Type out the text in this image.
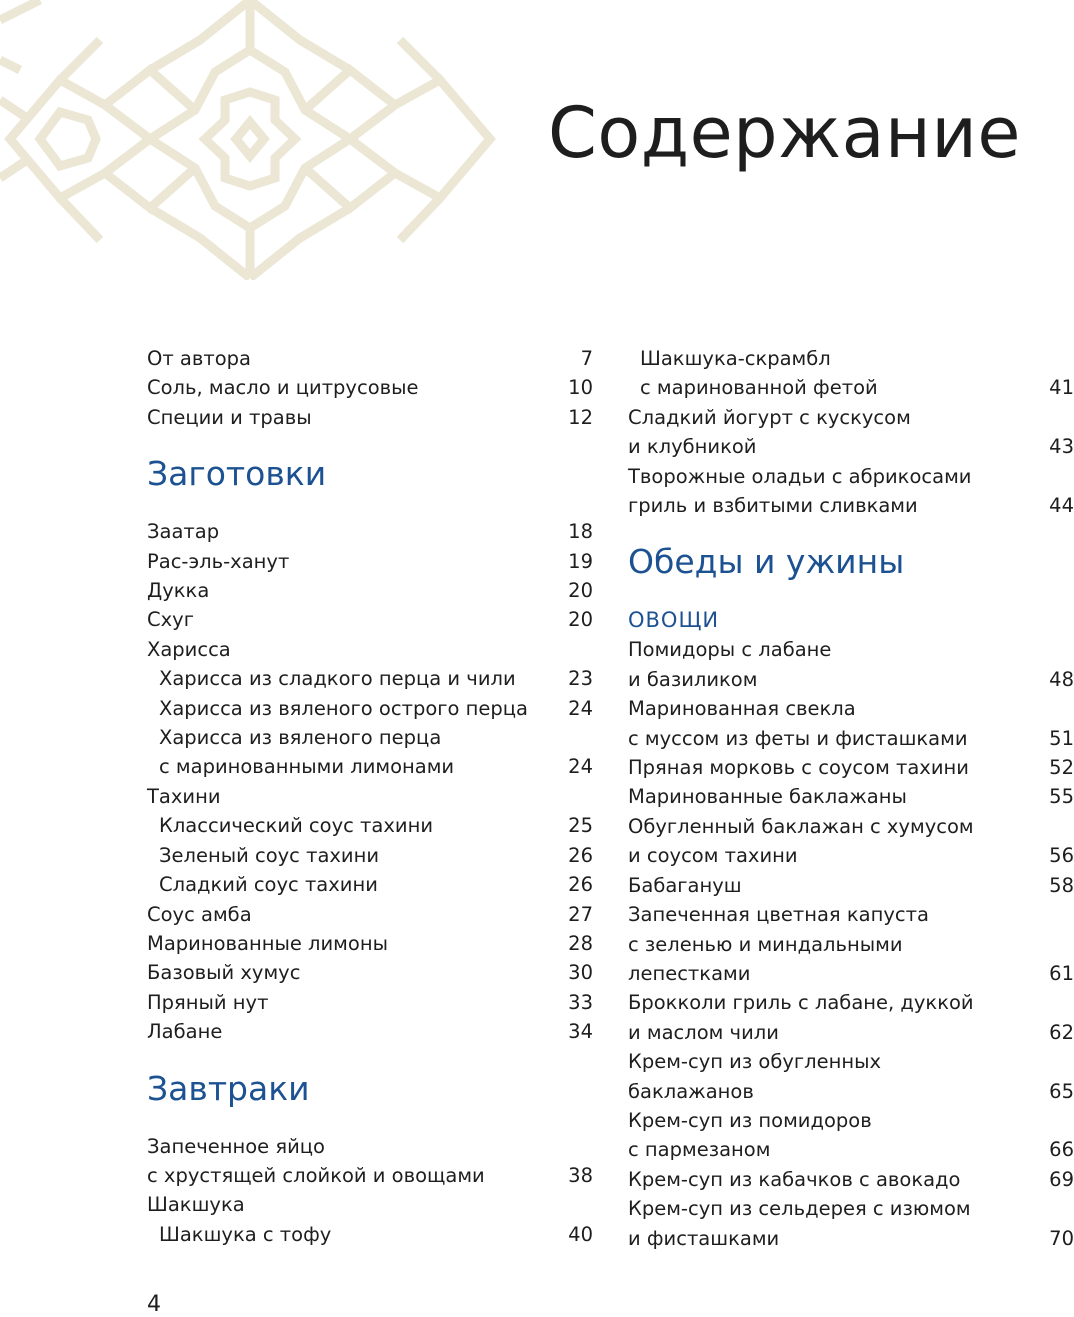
Содержание
От автора	7
Соль, масло и цитрусовые	10
Специи и травы	12
Заготовки
Заатар	18
Рас-эль-ханут	19
Дукка	20
Схуг	20
Харисса
Харисса из сладкого перца и чили	23
Харисса из вяленого острого перца	24
Харисса из вяленого перца
с маринованными лимонами	24
Тахини
Классический соус тахини	25
Зеленый соус тахини	26
Сладкий соус тахини	26
Соус амба	27
Маринованные лимоны	28
Базовый хумус	30
Пряный нут	33
Лабане	34
Завтраки
Запеченное яйцо
с хрустящей слойкой и овощами	38
Шакшука
Шакшука с тофу	40
Шакшука-скрамбл
с маринованной фетой	41
Сладкий йогурт с кускусом
и клубникой	43
Творожные оладьи с абрикосами
гриль и взбитыми сливками	44
Обеды и ужины
ОВОЩИ
Помидоры с лабане
и базиликом	48
Маринованная свекла
с муссом из феты и фисташками	51
Пряная морковь с соусом тахини	52
Маринованные баклажаны	55
Обугленный баклажан с хумусом
и соусом тахини	56
Бабагануш	58
Запеченная цветная капуста
с зеленью и миндальными
лепестками	61
Брокколи гриль с лабане, дуккой
и маслом чили	62
Крем-суп из обугленных
баклажанов	65
Крем-суп из помидоров
с пармезаном	66
Крем-суп из кабачков с авокадо	69
Крем-суп из сельдерея с изюмом
и фисташками	70
4
